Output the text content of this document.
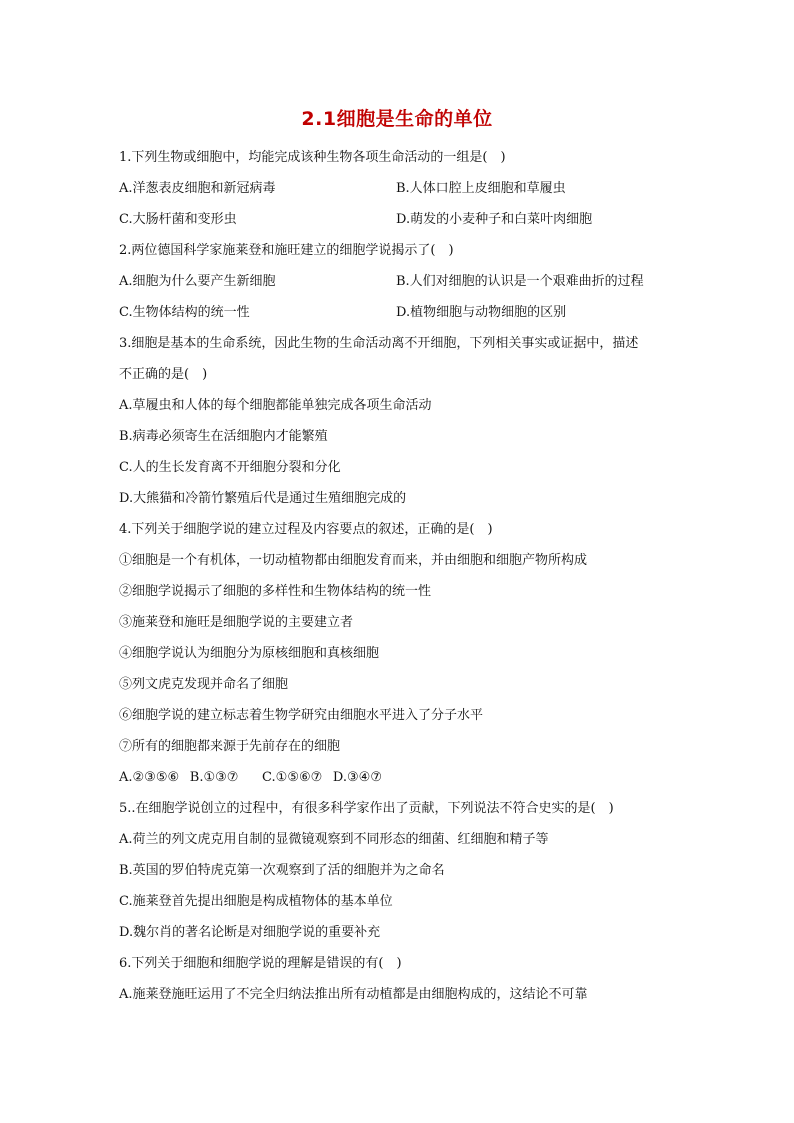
2.1细胞是生命的单位
1.下列生物或细胞中，均能完成该种生物各项生命活动的一组是(　)
A.洋葱表皮细胞和新冠病毒	B.人体口腔上皮细胞和草履虫
C.大肠杆菌和变形虫	D.萌发的小麦种子和白菜叶肉细胞
2.两位德国科学家施莱登和施旺建立的细胞学说揭示了(　)
A.细胞为什么要产生新细胞	B.人们对细胞的认识是一个艰难曲折的过程
C.生物体结构的统一性	D.植物细胞与动物细胞的区别
3.细胞是基本的生命系统，因此生物的生命活动离不开细胞，下列相关事实或证据中，描述
不正确的是(　)
A.草履虫和人体的每个细胞都能单独完成各项生命活动
B.病毒必须寄生在活细胞内才能繁殖
C.人的生长发育离不开细胞分裂和分化
D.大熊猫和冷箭竹繁殖后代是通过生殖细胞完成的
4.下列关于细胞学说的建立过程及内容要点的叙述，正确的是(　)
①细胞是一个有机体，一切动植物都由细胞发育而来，并由细胞和细胞产物所构成
②细胞学说揭示了细胞的多样性和生物体结构的统一性
③施莱登和施旺是细胞学说的主要建立者
④细胞学说认为细胞分为原核细胞和真核细胞
⑤列文虎克发现并命名了细胞
⑥细胞学说的建立标志着生物学研究由细胞水平进入了分子水平
⑦所有的细胞都来源于先前存在的细胞
A.②③⑤⑥  B.①③⑦   C.①⑤⑥⑦  D.③④⑦
5..在细胞学说创立的过程中，有很多科学家作出了贡献，下列说法不符合史实的是(　)
A.荷兰的列文虎克用自制的显微镜观察到不同形态的细菌、红细胞和精子等
B.英国的罗伯特虎克第一次观察到了活的细胞并为之命名
C.施莱登首先提出细胞是构成植物体的基本单位
D.魏尔肖的著名论断是对细胞学说的重要补充
6.下列关于细胞和细胞学说的理解是错误的有(　)
A.施莱登施旺运用了不完全归纳法推出所有动植都是由细胞构成的，这结论不可靠
